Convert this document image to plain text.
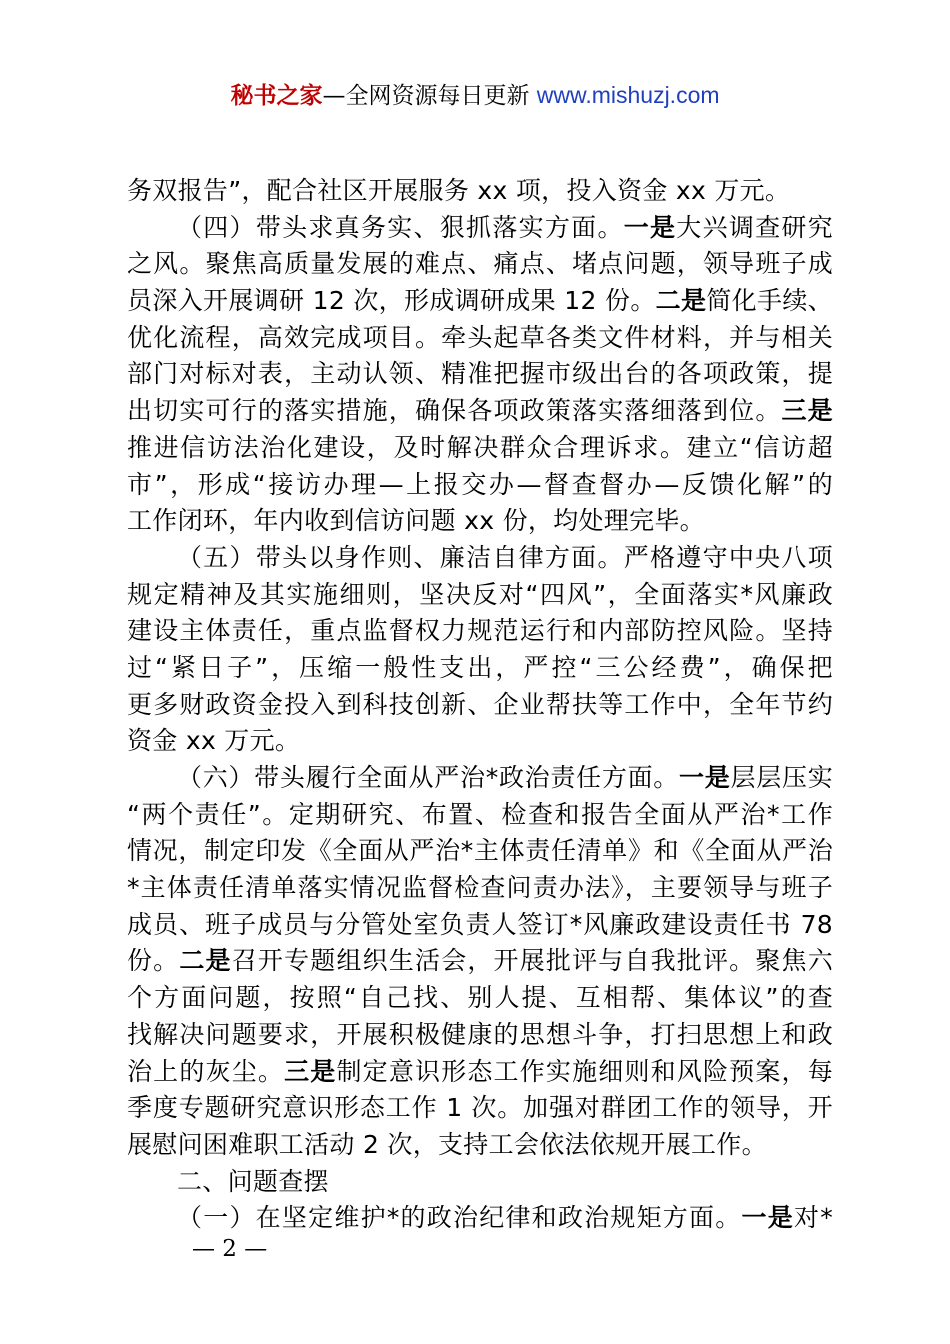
秘书之家—全网资源每日更新 www.mishuzj.com
务双报告”，配合社区开展服务 xx 项，投入资金 xx 万元。
（四）带头求真务实、狠抓落实方面。一是大兴调查研究
之风。聚焦高质量发展的难点、痛点、堵点问题，领导班子成
员深入开展调研 12 次，形成调研成果 12 份。二是简化手续、
优化流程，高效完成项目。牵头起草各类文件材料，并与相关
部门对标对表，主动认领、精准把握市级出台的各项政策，提
出切实可行的落实措施，确保各项政策落实落细落到位。三是
推进信访法治化建设，及时解决群众合理诉求。建立“信访超
市”，形成“接访办理—上报交办—督查督办—反馈化解”的
工作闭环，年内收到信访问题 xx 份，均处理完毕。
（五）带头以身作则、廉洁自律方面。严格遵守中央八项
规定精神及其实施细则，坚决反对“四风”，全面落实*风廉政
建设主体责任，重点监督权力规范运行和内部防控风险。坚持
过“紧日子”，压缩一般性支出，严控“三公经费”，确保把
更多财政资金投入到科技创新、企业帮扶等工作中，全年节约
资金 xx 万元。
（六）带头履行全面从严治*政治责任方面。一是层层压实
“两个责任”。定期研究、布置、检查和报告全面从严治*工作
情况，制定印发《全面从严治*主体责任清单》和《全面从严治
*主体责任清单落实情况监督检查问责办法》，主要领导与班子
成员、班子成员与分管处室负责人签订*风廉政建设责任书 78
份。二是召开专题组织生活会，开展批评与自我批评。聚焦六
个方面问题，按照“自己找、别人提、互相帮、集体议”的查
找解决问题要求，开展积极健康的思想斗争，打扫思想上和政
治上的灰尘。三是制定意识形态工作实施细则和风险预案，每
季度专题研究意识形态工作 1 次。加强对群团工作的领导，开
展慰问困难职工活动 2 次，支持工会依法依规开展工作。
二、问题查摆
（一）在坚定维护*的政治纪律和政治规矩方面。一是对*
— 2 —
